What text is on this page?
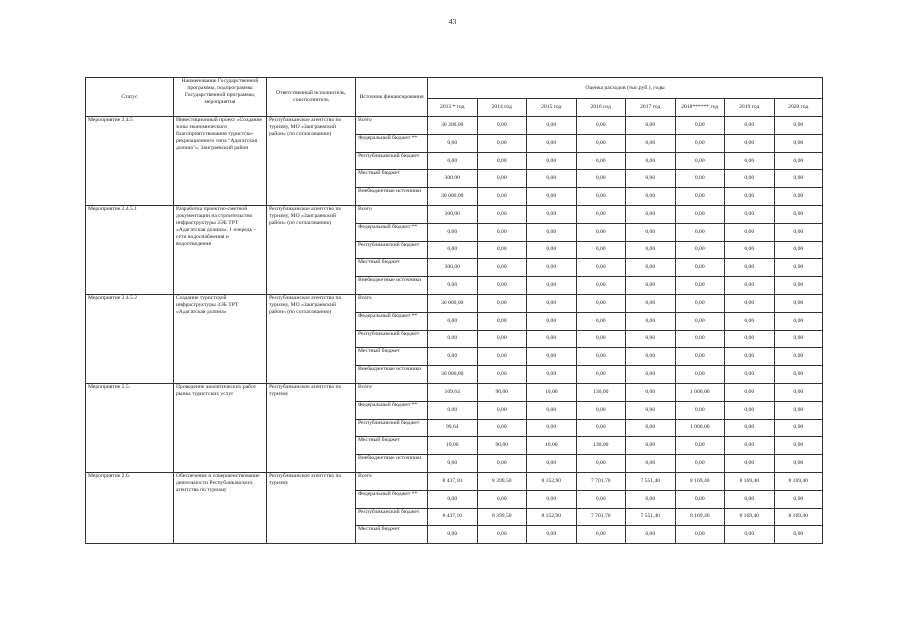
43
Статус	Наименование Государственной программы, подпрограммы Государственной программы, мероприятия	Ответственный исполнитель, соисполнитель	Источник финансирования	Оценка расходов (тыс.руб.), годы							
				2013 * год	2014 год	2015 год	2016 год	2017 год	2018****** год	2019 год	2020 год
Мероприятие 2.4.5	Инвестиционный проект «Создание зоны экономического благоприятствования туристско-рекреационного типа "Адагатская долина"», Заиграевский район	Республиканское агентство по туризму, МО «Заиграевский район» (по согласованию)	Всего	30 300,00	0,00	0,00	0,00	0,00	0,00	0,00	0,00
			Федеральный бюджет **	0,00	0,00	0,00	0,00	0,00	0,00	0,00	0,00
			Республиканский бюджет	0,00	0,00	0,00	0,00	0,00	0,00	0,00	0,00
			Местный бюджет	300,00	0,00	0,00	0,00	0,00	0,00	0,00	0,00
			Внебюджетные источники	30 000,00	0,00	0,00	0,00	0,00	0,00	0,00	0,00
Мероприятие 2.4.5.1	Разработка проектно-сметной документации на строительство инфраструктуры ЗЭБ ТРТ «Адагатская долина». 1 очередь – сети водоснабжения и водоотведения	Республиканское агентство по туризму, МО «Заиграевский район» (по согласованию)	Всего	300,00	0,00	0,00	0,00	0,00	0,00	0,00	0,00
			Федеральный бюджет **	0,00	0,00	0,00	0,00	0,00	0,00	0,00	0,00
			Республиканский бюджет	0,00	0,00	0,00	0,00	0,00	0,00	0,00	0,00
			Местный бюджет	300,00	0,00	0,00	0,00	0,00	0,00	0,00	0,00
			Внебюджетные источники	0,00	0,00	0,00	0,00	0,00	0,00	0,00	0,00
Мероприятие 2.4.5.2	Создание туристской инфраструктуры ЗЭБ ТРТ «Адагатская долина»	Республиканское агентство по туризму, МО «Заиграевский район» (по согласованию)	Всего	30 000,00	0,00	0,00	0,00	0,00	0,00	0,00	0,00
			Федеральный бюджет **	0,00	0,00	0,00	0,00	0,00	0,00	0,00	0,00
			Республиканский бюджет	0,00	0,00	0,00	0,00	0,00	0,00	0,00	0,00
			Местный бюджет	0,00	0,00	0,00	0,00	0,00	0,00	0,00	0,00
			Внебюджетные источники	30 000,00	0,00	0,00	0,00	0,00	0,00	0,00	0,00
Мероприятие 2.5.	Проведение аналитических работ рынка туристских услуг	Республиканское агентство по туризму	Всего	109,64	90,00	10,00	130,00	0,00	1 000,00	0,00	0,00
			Федеральный бюджет **	0,00	0,00	0,00	0,00	0,00	0,00	0,00	0,00
			Республиканский бюджет	99,64	0,00	0,00	0,00	0,00	1 000,00	0,00	0,00
			Местный бюджет	10,00	90,00	10,00	130,00	0,00	0,00	0,00	0,00
			Внебюджетные источники	0,00	0,00	0,00	0,00	0,00	0,00	0,00	0,00
Мероприятие 2.6.	Обеспечение и совершенствование деятельности Республиканского агентства по туризму	Республиканское агентство по туризму	Всего	8 437,10	8 399,50	8 152,90	7 701,70	7 551,40	8 169,40	8 169,40	8 169,40
			Федеральный бюджет **	0,00	0,00	0,00	0,00	0,00	0,00	0,00	0,00
			Республиканский бюджет	8 437,10	8 399,50	8 152,90	7 701,70	7 551,40	8 169,40	8 169,40	8 169,40
			Местный бюджет	0,00	0,00	0,00	0,00	0,00	0,00	0,00	0,00
